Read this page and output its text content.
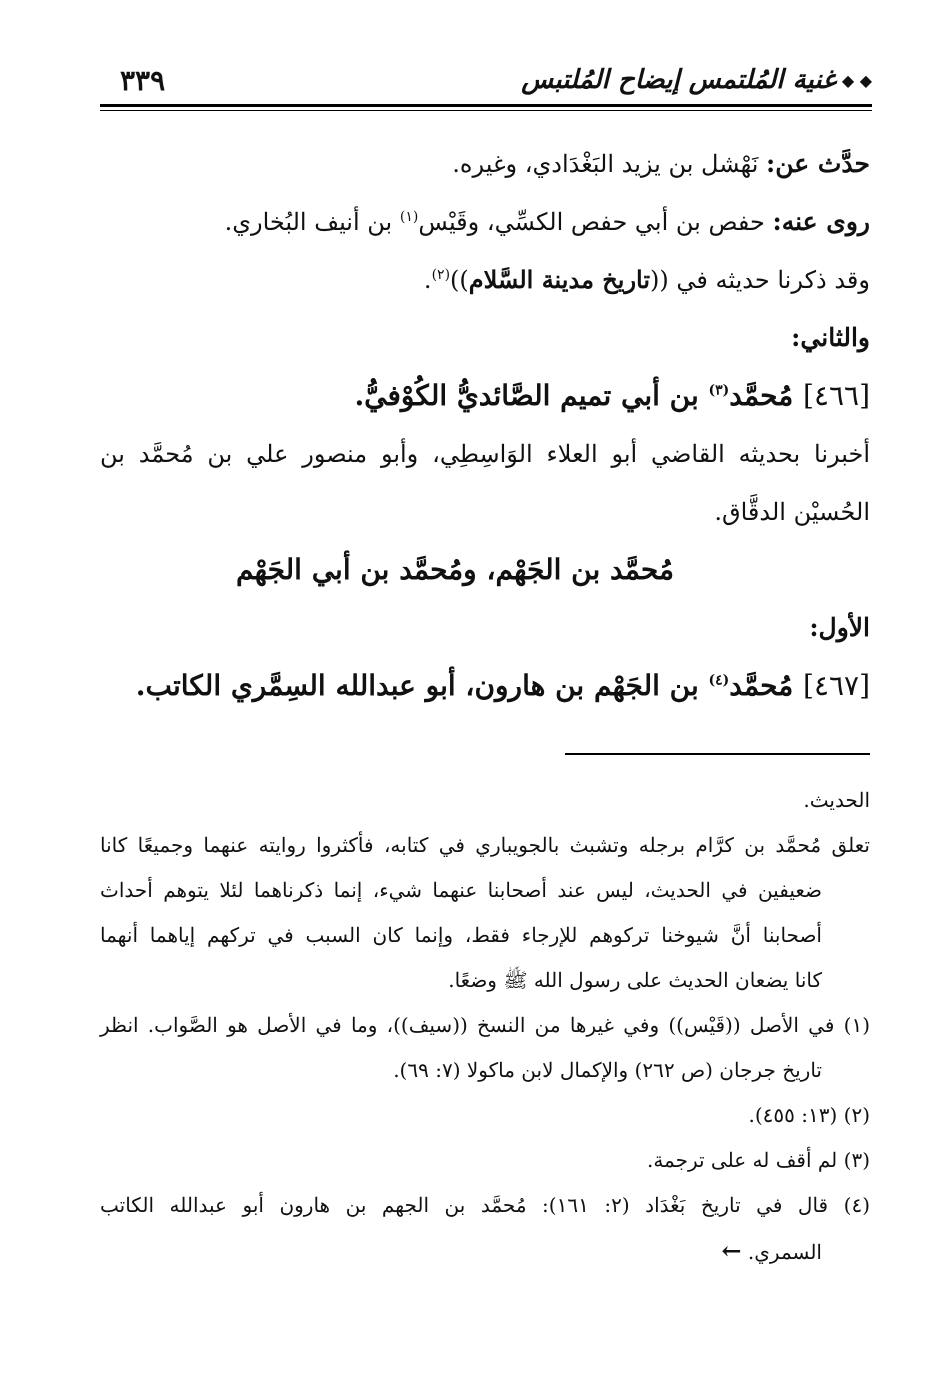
◆ ◆
غنية المُلتمس إيضاح المُلتبس
٣٣٩
حدَّث عن: نَهْشل بن يزيد البَغْدَادي، وغيره.
روى عنه: حفص بن أبي حفص الكسِّي، وقَيْس$^{(١)}$ بن أنيف البُخاري.
وقد ذكرنا حديثه في ((تاريخ مدينة السَّلام))$^{(٢)}$.
والثاني:
[٤٦٦] مُحمَّد$^{(٣)}$ بن أبي تميم الصَّائديُّ الكُوْفيُّ.
أخبرنا بحديثه القاضي أبو العلاء الوَاسِطِي، وأبو منصور علي بن مُحمَّد بن
الحُسيْن الدقَّاق.
مُحمَّد بن الجَهْم، ومُحمَّد بن أبي الجَهْم
الأول:
[٤٦٧] مُحمَّد$^{(٤)}$ بن الجَهْم بن هارون، أبو عبدالله السِمَّري الكاتب.
الحديث.
تعلق مُحمَّد بن كرَّام برجله وتشبث بالجويباري في كتابه، فأكثروا روايته عنهما وجميعًا كانا
ضعيفين في الحديث، ليس عند أصحابنا عنهما شيء، إنما ذكرناهما لئلا يتوهم أحداث
أصحابنا أنَّ شيوخنا تركوهم للإرجاء فقط، وإنما كان السبب في تركهم إياهما أنهما
كانا يضعان الحديث على رسول الله ﷺ وضعًا.
(١) في الأصل ((قَيْس)) وفي غيرها من النسخ ((سيف))، وما في الأصل هو الصَّواب. انظر
تاريخ جرجان (ص ٢٦٢) والإكمال لابن ماكولا (٧: ٦٩).
(٢) (١٣: ٤٥٥).
(٣) لم أقف له على ترجمة.
(٤) قال في تاريخ بَغْدَاد (٢: ١٦١): مُحمَّد بن الجهم بن هارون أبو عبدالله الكاتب
السمري. ←
